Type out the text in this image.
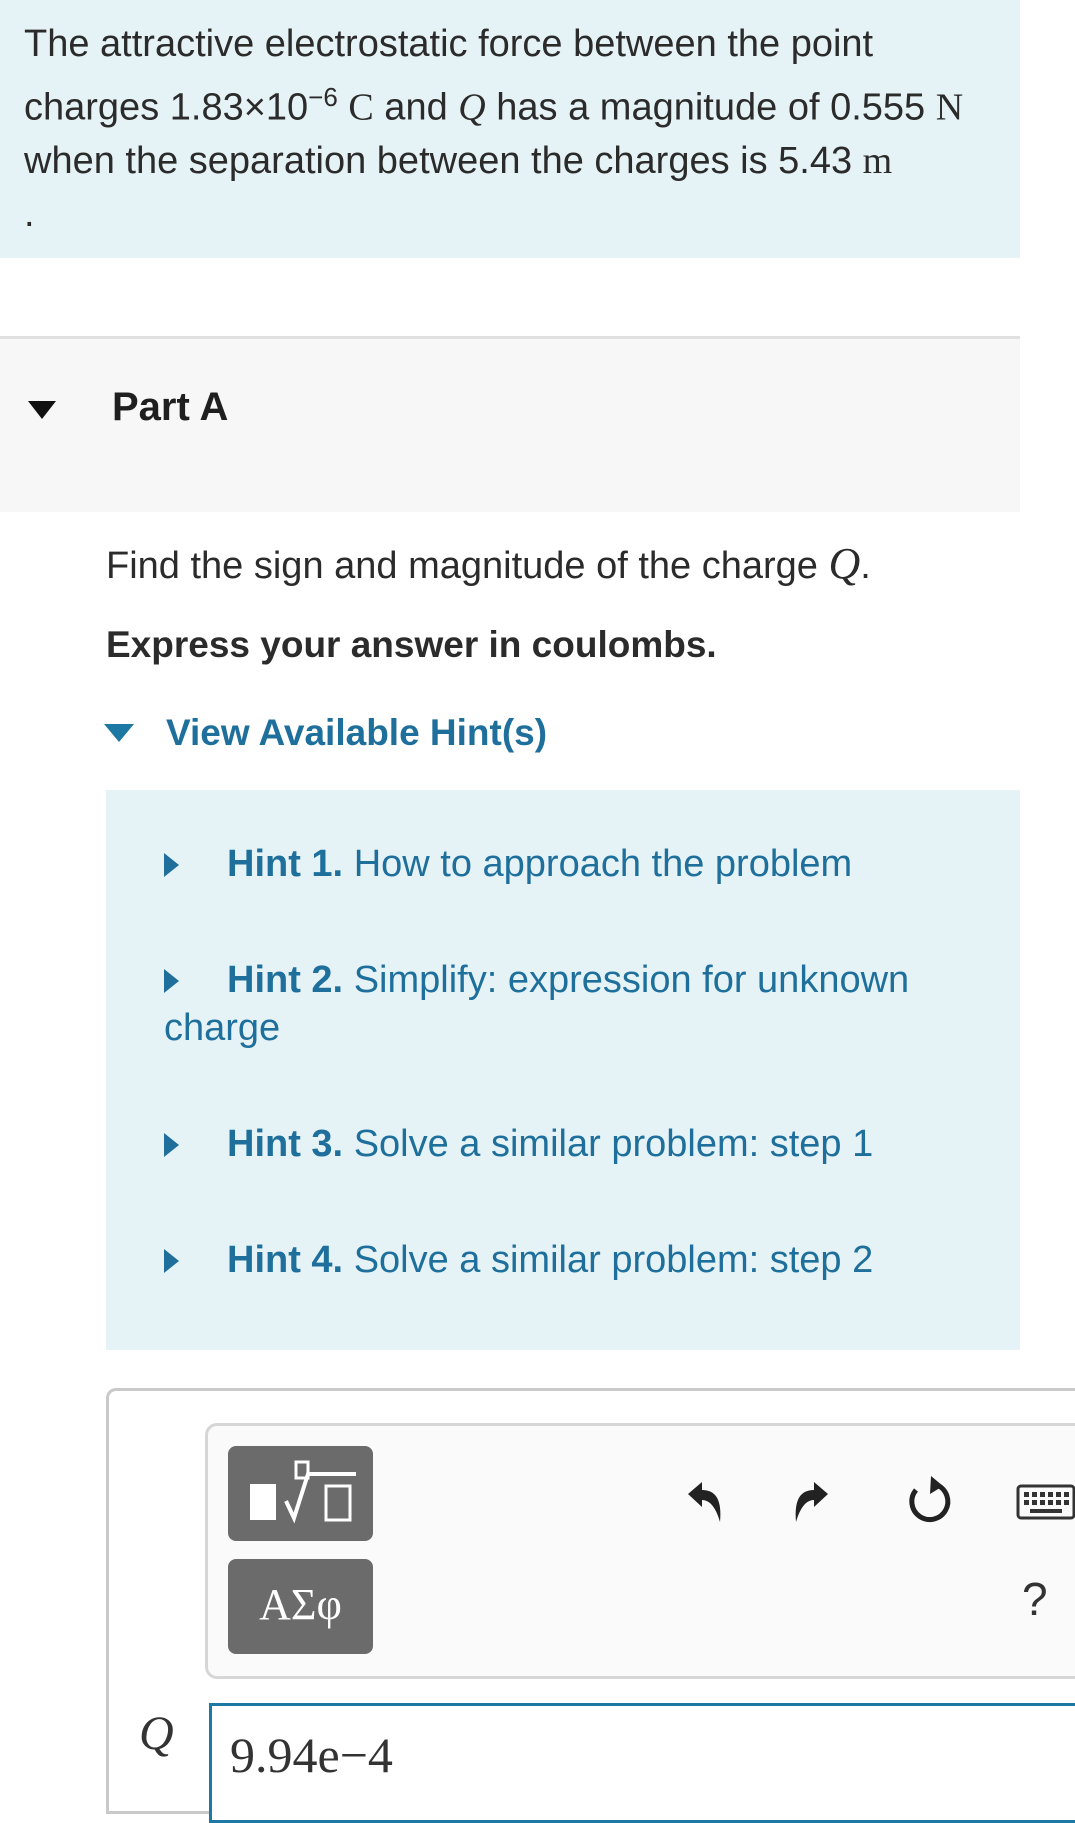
The attractive electrostatic force between the point charges $1.83\times 10^{-6}$ C and Q has a magnitude of 0.555 N when the separation between the charges is 5.43 m
.
Part A
Find the sign and magnitude of the charge Q.
Express your answer in coulombs.
View Available Hint(s)
Hint 1. How to approach the problem
Hint 2. Simplify: expression for unknown charge
Hint 3. Solve a similar problem: step 1
Hint 4. Solve a similar problem: step 2
ΑΣφ	?
Q	9.94e−4
